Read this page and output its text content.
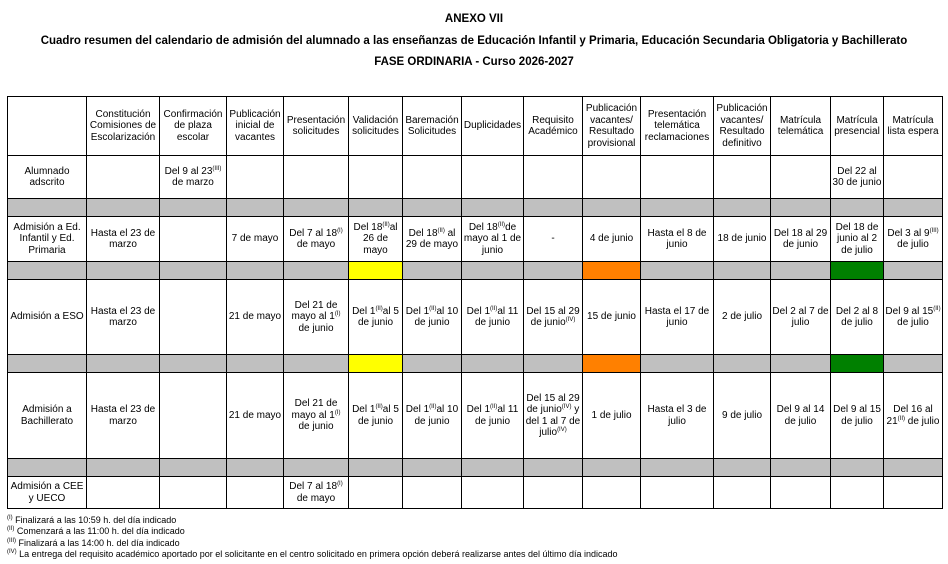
ANEXO VII
Cuadro resumen del calendario de admisión del alumnado a las enseñanzas de Educación Infantil y Primaria, Educación Secundaria Obligatoria y Bachillerato
FASE ORDINARIA - Curso 2026-2027
	Constitución Comisiones de Escolarización	Confirmación de plaza escolar	Publicación inicial de vacantes	Presentación solicitudes	Validación solicitudes	Baremación Solicitudes	Duplicidades	Requisito Académico	Publicación vacantes/ Resultado provisional	Presentación telemática reclamaciones	Publicación vacantes/ Resultado definitivo	Matrícula telemática	Matrícula presencial	Matrícula lista espera
Alumnado adscrito		Del 9 al $23^{(III)}$ de marzo											Del 22 al 30 de junio	

Admisión a Ed. Infantil y Ed. Primaria	Hasta el 23 de marzo		7 de mayo	Del 7 al $18^{(I)}$ de mayo	Del $18^{(II)}al$ 26 de mayo	Del $18^{(II)}$ al 29 de mayo	Del $18^{(II)}de$ mayo al 1 de junio	-	4 de junio	Hasta el 8 de junio	18 de junio	Del 18 al 29 de junio	Del 18 de junio al 2 de julio	Del 3 al $9^{(III)}$ de julio

Admisión a ESO	Hasta el 23 de marzo		21 de mayo	Del 21 de mayo al $1^{(I)}$ de junio	Del $1^{(II)}al$ 5 de junio	Del $1^{(II)}al$ 10 de junio	Del $1^{(II)}al$ 11 de junio	Del 15 al 29 de junio$^{(IV)}$	15 de junio	Hasta el 17 de junio	2 de julio	Del 2 al 7 de julio	Del 2 al 8 de julio	Del 9 al $15^{(II)}$ de julio

Admisión a Bachillerato	Hasta el 23 de marzo		21 de mayo	Del 21 de mayo al $1^{(I)}$ de junio	Del $1^{(II)}al$ 5 de junio	Del $1^{(II)}al$ 10 de junio	Del $1^{(II)}al$ 11 de junio	Del 15 al 29 de junio$^{(IV)}$ y del 1 al 7 de julio$^{(IV)}$	1 de julio	Hasta el 3 de julio	9 de julio	Del 9 al 14 de julio	Del 9 al 15 de julio	Del 16 al $21^{(II)}$ de julio

Admisión a CEE y UECO				Del 7 al $18^{(I)}$ de mayo										
$^{(I)}$ Finalizará a las 10:59 h. del día indicado
$^{(II)}$ Comenzará a las 11:00 h. del día indicado
$^{(III)}$ Finalizará a las 14:00 h. del día indicado
$^{(IV)}$ La entrega del requisito académico aportado por el solicitante en el centro solicitado en primera opción deberá realizarse antes del último día indicado
